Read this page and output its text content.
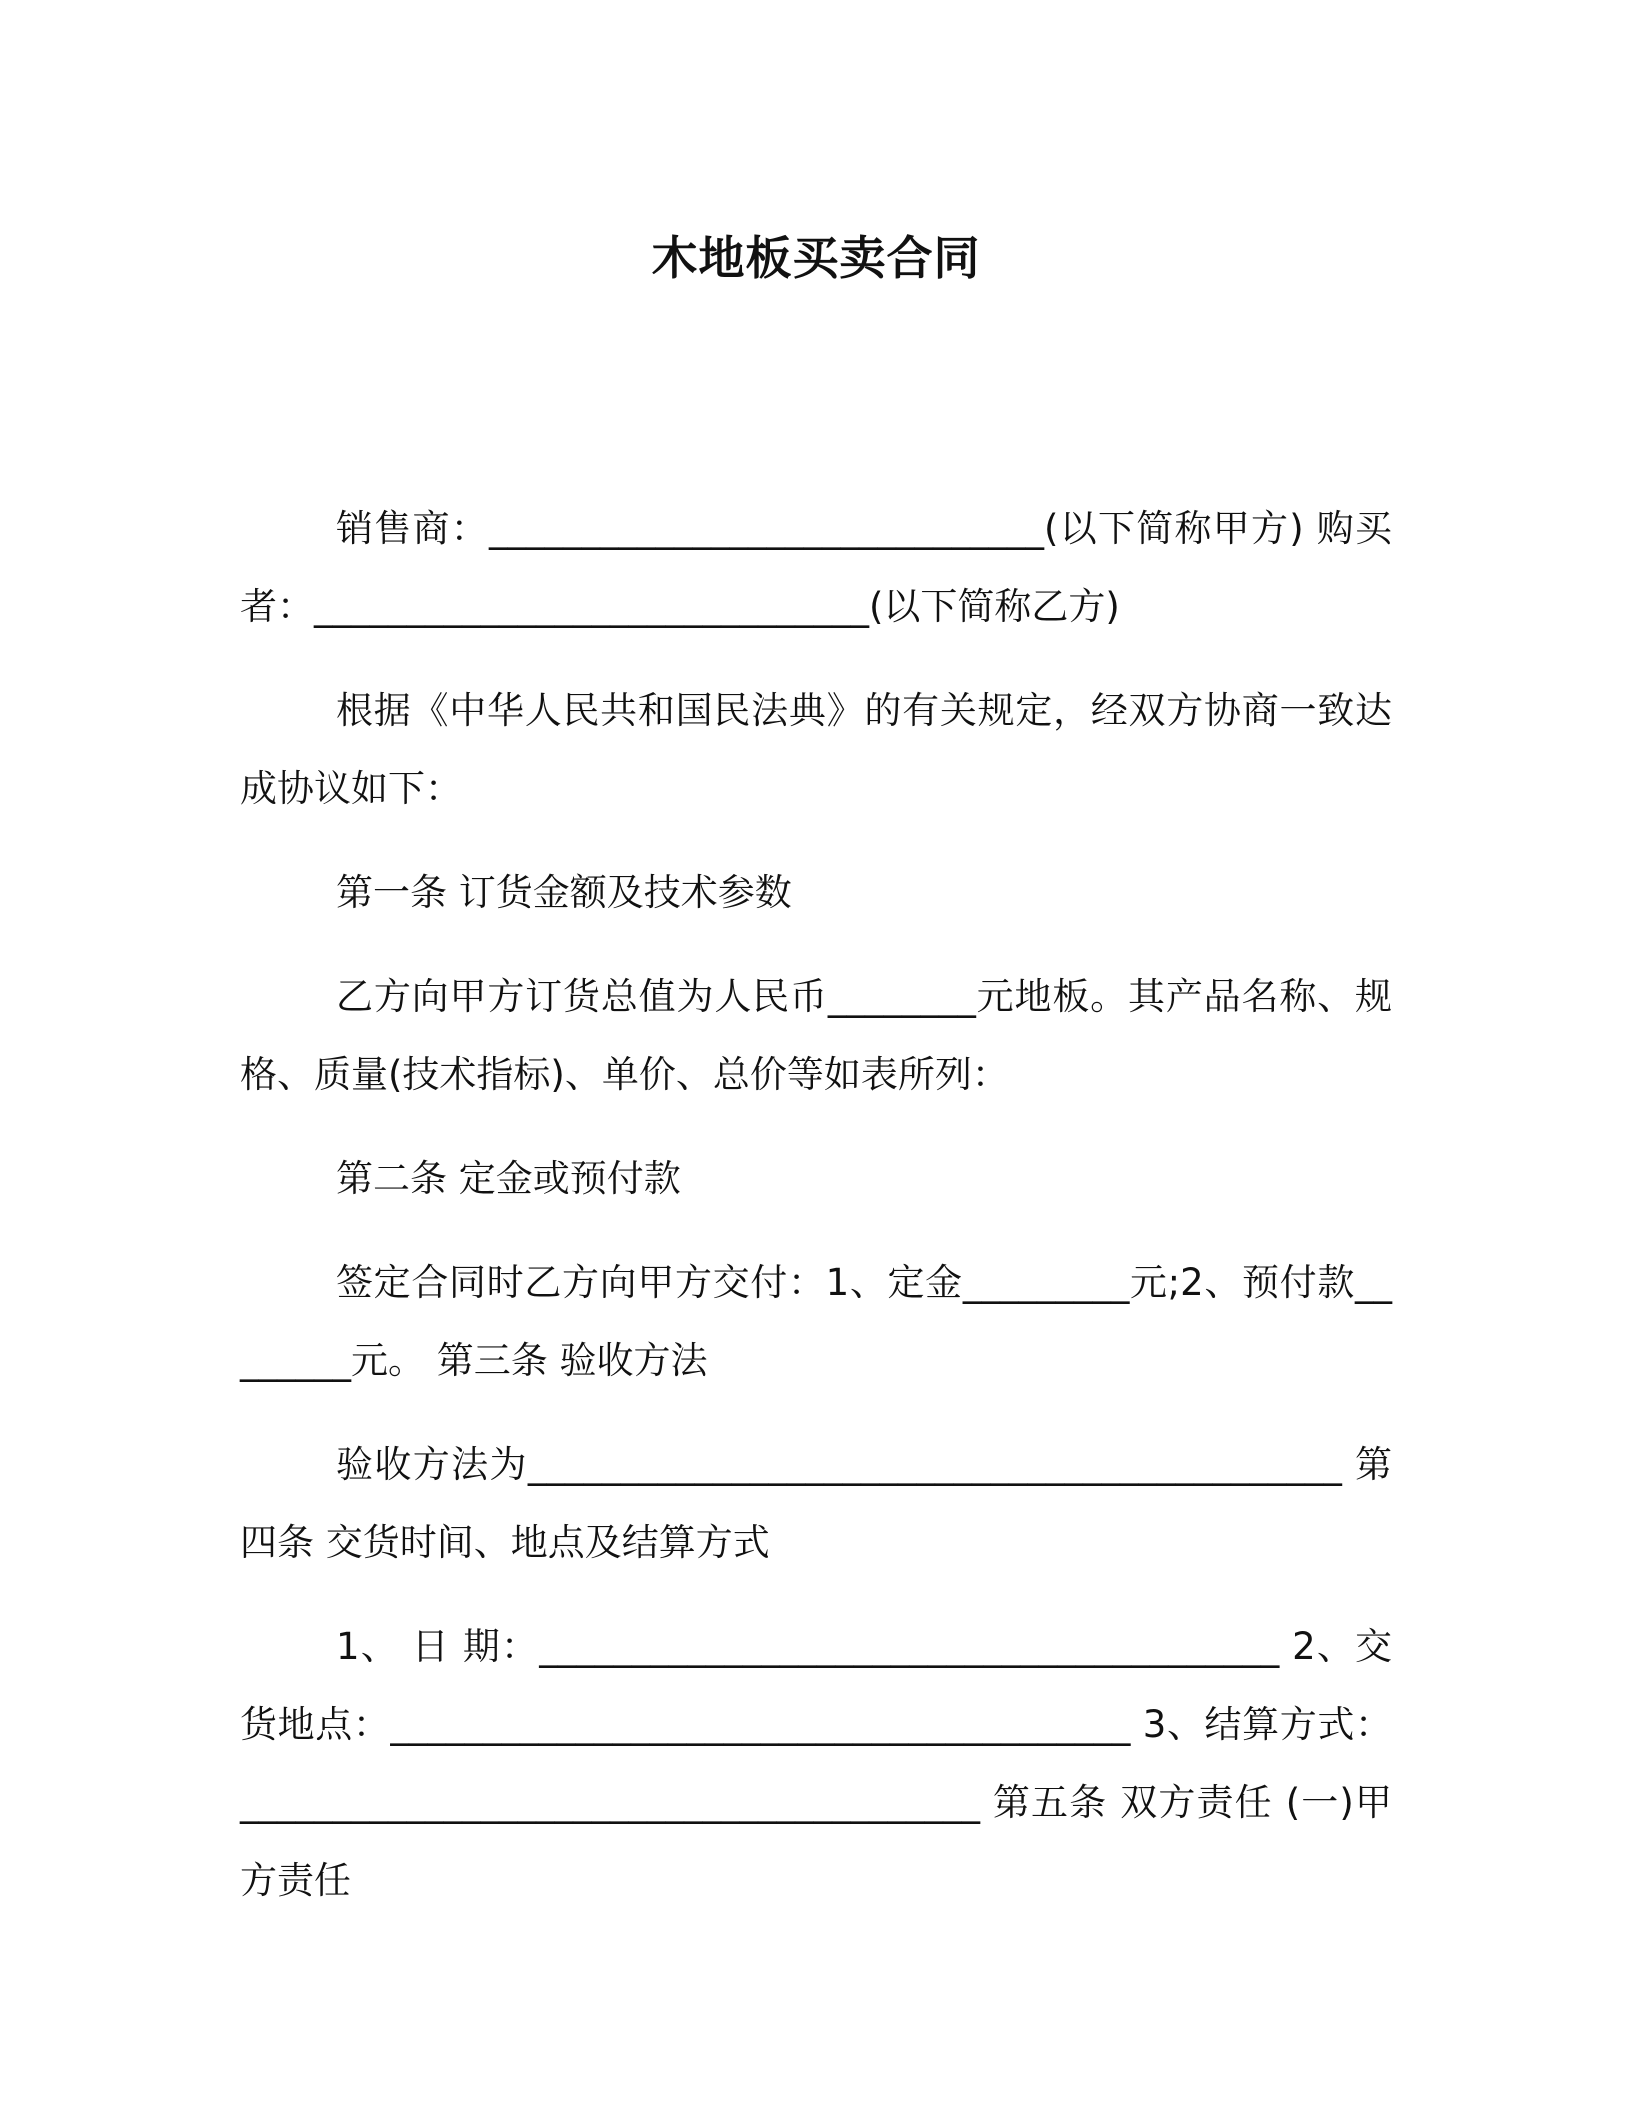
木地板买卖合同

销售商：______________________________(以下简称甲方) 购买者：______________________________(以下简称乙方)

根据《中华人民共和国民法典》的有关规定，经双方协商一致达成协议如下：

第一条 订货金额及技术参数

乙方向甲方订货总值为人民币________元地板。其产品名称、规格、质量(技术指标)、单价、总价等如表所列：

第二条 定金或预付款

签定合同时乙方向甲方交付：1、定金_________元;2、预付款________元。 第三条 验收方法

验收方法为____________________________________________ 第四条 交货时间、地点及结算方式

1、 日 期：________________________________________ 2、交货地点：________________________________________ 3、结算方式：________________________________________ 第五条 双方责任 (一)甲方责任
